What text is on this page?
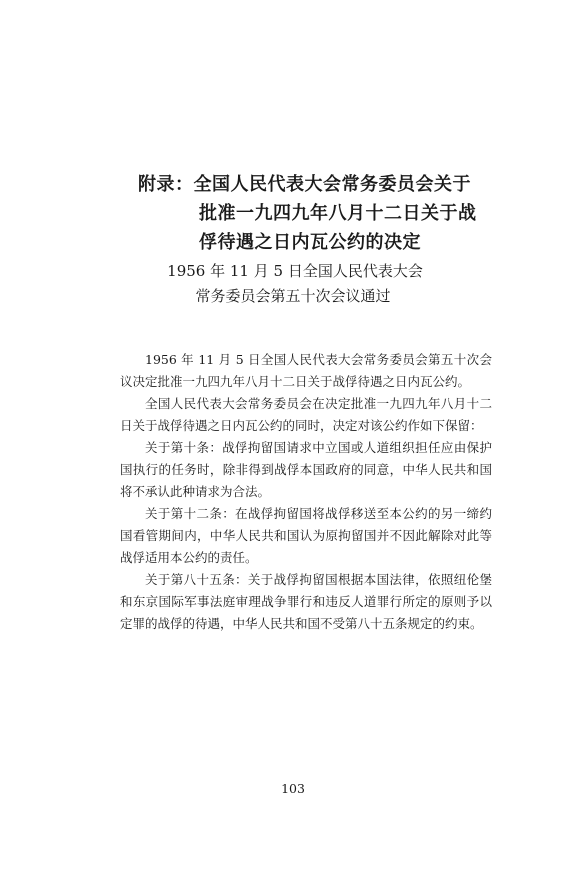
附录：全国人民代表大会常务委员会关于
批准一九四九年八月十二日关于战
俘待遇之日内瓦公约的决定
1956 年 11 月 5 日全国人民代表大会
常务委员会第五十次会议通过

1956 年 11 月 5 日全国人民代表大会常务委员会第五十次会议决定批准一九四九年八月十二日关于战俘待遇之日内瓦公约。

全国人民代表大会常务委员会在决定批准一九四九年八月十二日关于战俘待遇之日内瓦公约的同时，决定对该公约作如下保留：

关于第十条：战俘拘留国请求中立国或人道组织担任应由保护国执行的任务时，除非得到战俘本国政府的同意，中华人民共和国将不承认此种请求为合法。

关于第十二条：在战俘拘留国将战俘移送至本公约的另一缔约国看管期间内，中华人民共和国认为原拘留国并不因此解除对此等战俘适用本公约的责任。

关于第八十五条：关于战俘拘留国根据本国法律，依照纽伦堡和东京国际军事法庭审理战争罪行和违反人道罪行所定的原则予以定罪的战俘的待遇，中华人民共和国不受第八十五条规定的约束。

103
